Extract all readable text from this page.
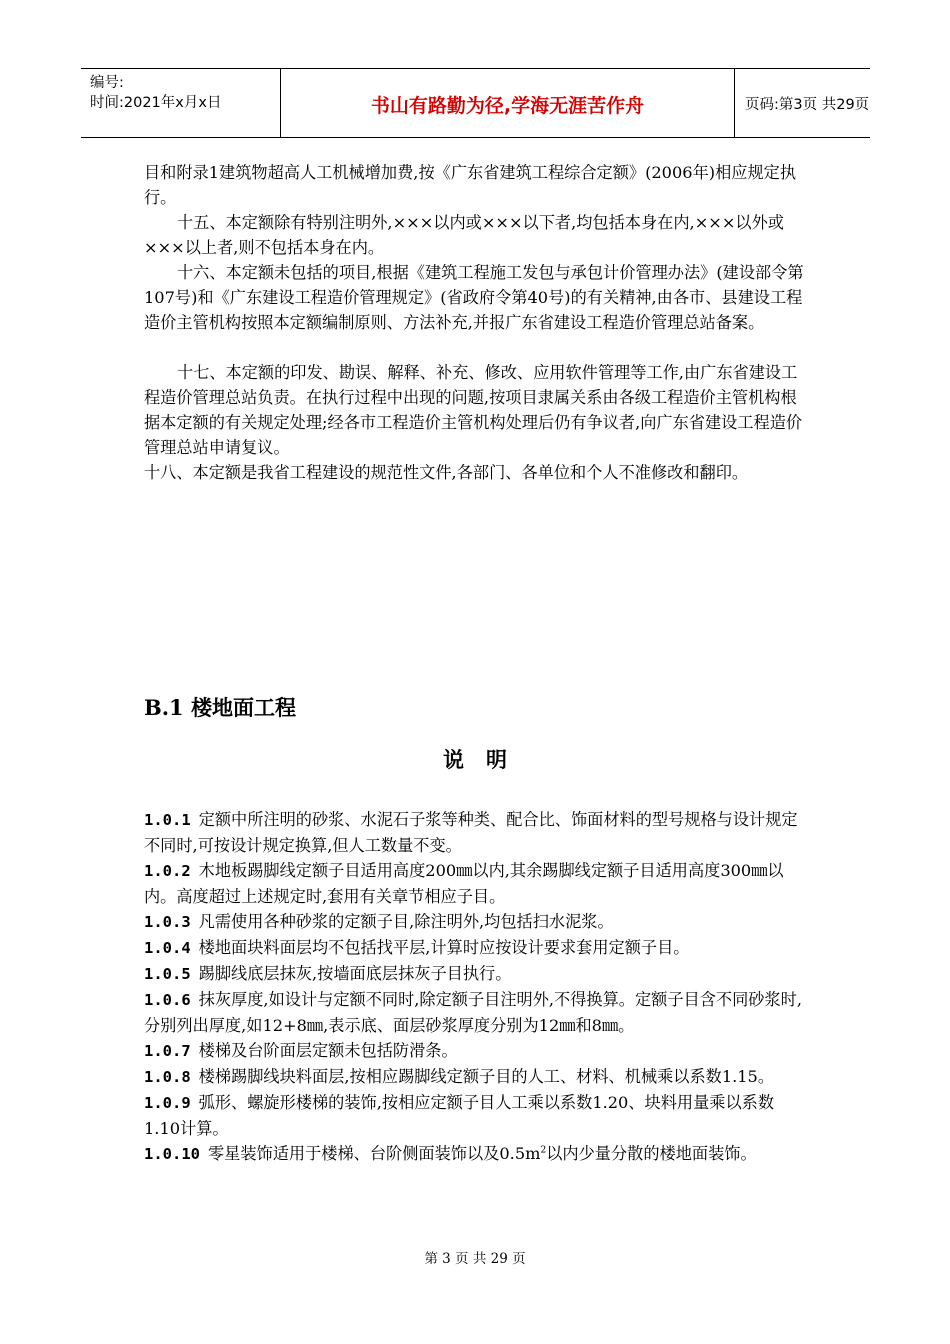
编号:
时间:2021年x月x日	书山有路勤为径,学海无涯苦作舟	页码:第3页 共29页

目和附录1建筑物超高人工机械增加费,按《广东省建筑工程综合定额》(2006年)相应规定执行。

十五、本定额除有特别注明外,×××以内或×××以下者,均包括本身在内,×××以外或×××以上者,则不包括本身在内。

十六、本定额未包括的项目,根据《建筑工程施工发包与承包计价管理办法》(建设部令第107号)和《广东建设工程造价管理规定》(省政府令第40号)的有关精神,由各市、县建设工程造价主管机构按照本定额编制原则、方法补充,并报广东省建设工程造价管理总站备案。

十七、本定额的印发、勘误、解释、补充、修改、应用软件管理等工作,由广东省建设工程造价管理总站负责。在执行过程中出现的问题,按项目隶属关系由各级工程造价主管机构根据本定额的有关规定处理;经各市工程造价主管机构处理后仍有争议者,向广东省建设工程造价管理总站申请复议。

十八、本定额是我省工程建设的规范性文件,各部门、各单位和个人不准修改和翻印。

B.1 楼地面工程
说明

1.0.1 定额中所注明的砂浆、水泥石子浆等种类、配合比、饰面材料的型号规格与设计规定不同时,可按设计规定换算,但人工数量不变。

1.0.2 木地板踢脚线定额子目适用高度200㎜以内,其余踢脚线定额子目适用高度300㎜以内。高度超过上述规定时,套用有关章节相应子目。

1.0.3 凡需使用各种砂浆的定额子目,除注明外,均包括扫水泥浆。

1.0.4 楼地面块料面层均不包括找平层,计算时应按设计要求套用定额子目。

1.0.5 踢脚线底层抹灰,按墙面底层抹灰子目执行。

1.0.6 抹灰厚度,如设计与定额不同时,除定额子目注明外,不得换算。定额子目含不同砂浆时,分别列出厚度,如12+8㎜,表示底、面层砂浆厚度分别为12㎜和8㎜。

1.0.7 楼梯及台阶面层定额未包括防滑条。

1.0.8 楼梯踢脚线块料面层,按相应踢脚线定额子目的人工、材料、机械乘以系数1.15。

1.0.9 弧形、螺旋形楼梯的装饰,按相应定额子目人工乘以系数1.20、块料用量乘以系数1.10计算。

1.0.10 零星装饰适用于楼梯、台阶侧面装饰以及$0.5m^2$以内少量分散的楼地面装饰。

第 3 页 共 29 页
